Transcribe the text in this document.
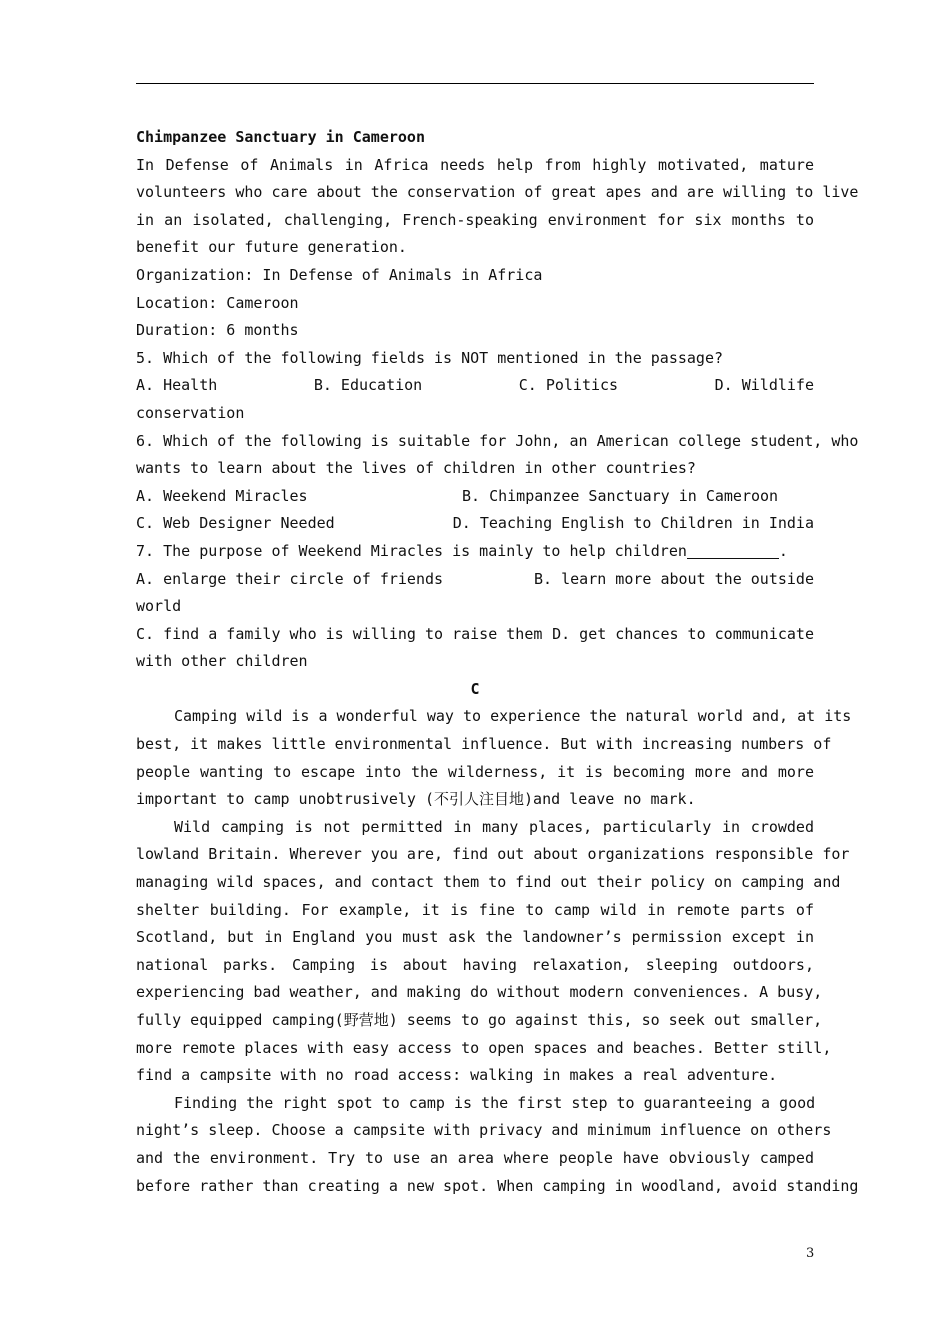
Chimpanzee Sanctuary in Cameroon
In Defense of Animals in Africa needs help from highly motivated, mature
volunteers who care about the conservation of great apes and are willing to live
in an isolated, challenging, French-speaking environment for six months to
benefit our future generation.
Organization: In Defense of Animals in Africa
Location: Cameroon
Duration: 6 months
5. Which of the following fields is NOT mentioned in the passage?
A. Health	B. Education	C. Politics	D. Wildlife
conservation
6. Which of the following is suitable for John, an American college student, who
wants to learn about the lives of children in other countries?
A. Weekend Miracles	B. Chimpanzee Sanctuary in Cameroon
C. Web Designer Needed	D. Teaching English to Children in India
7. The purpose of Weekend Miracles is mainly to help children	.
A. enlarge their circle of friends	B. learn more about the outside
world
C. find a family who is willing to raise them D. get chances to communicate
with other children
C
Camping wild is a wonderful way to experience the natural world and, at its
best, it makes little environmental influence. But with increasing numbers of
people wanting to escape into the wilderness, it is becoming more and more
important to camp unobtrusively (不引人注目地)and leave no mark.
Wild camping is not permitted in many places, particularly in crowded
lowland Britain. Wherever you are, find out about organizations responsible for
managing wild spaces, and contact them to find out their policy on camping and
shelter building. For example, it is fine to camp wild in remote parts of
Scotland, but in England you must ask the landowner’s permission except in
national parks. Camping is about having relaxation, sleeping outdoors,
experiencing bad weather, and making do without modern conveniences. A busy,
fully equipped camping(野营地) seems to go against this, so seek out smaller,
more remote places with easy access to open spaces and beaches. Better still,
find a campsite with no road access: walking in makes a real adventure.
Finding the right spot to camp is the first step to guaranteeing a good
night’s sleep. Choose a campsite with privacy and minimum influence on others
and the environment. Try to use an area where people have obviously camped
before rather than creating a new spot. When camping in woodland, avoid standing
3
